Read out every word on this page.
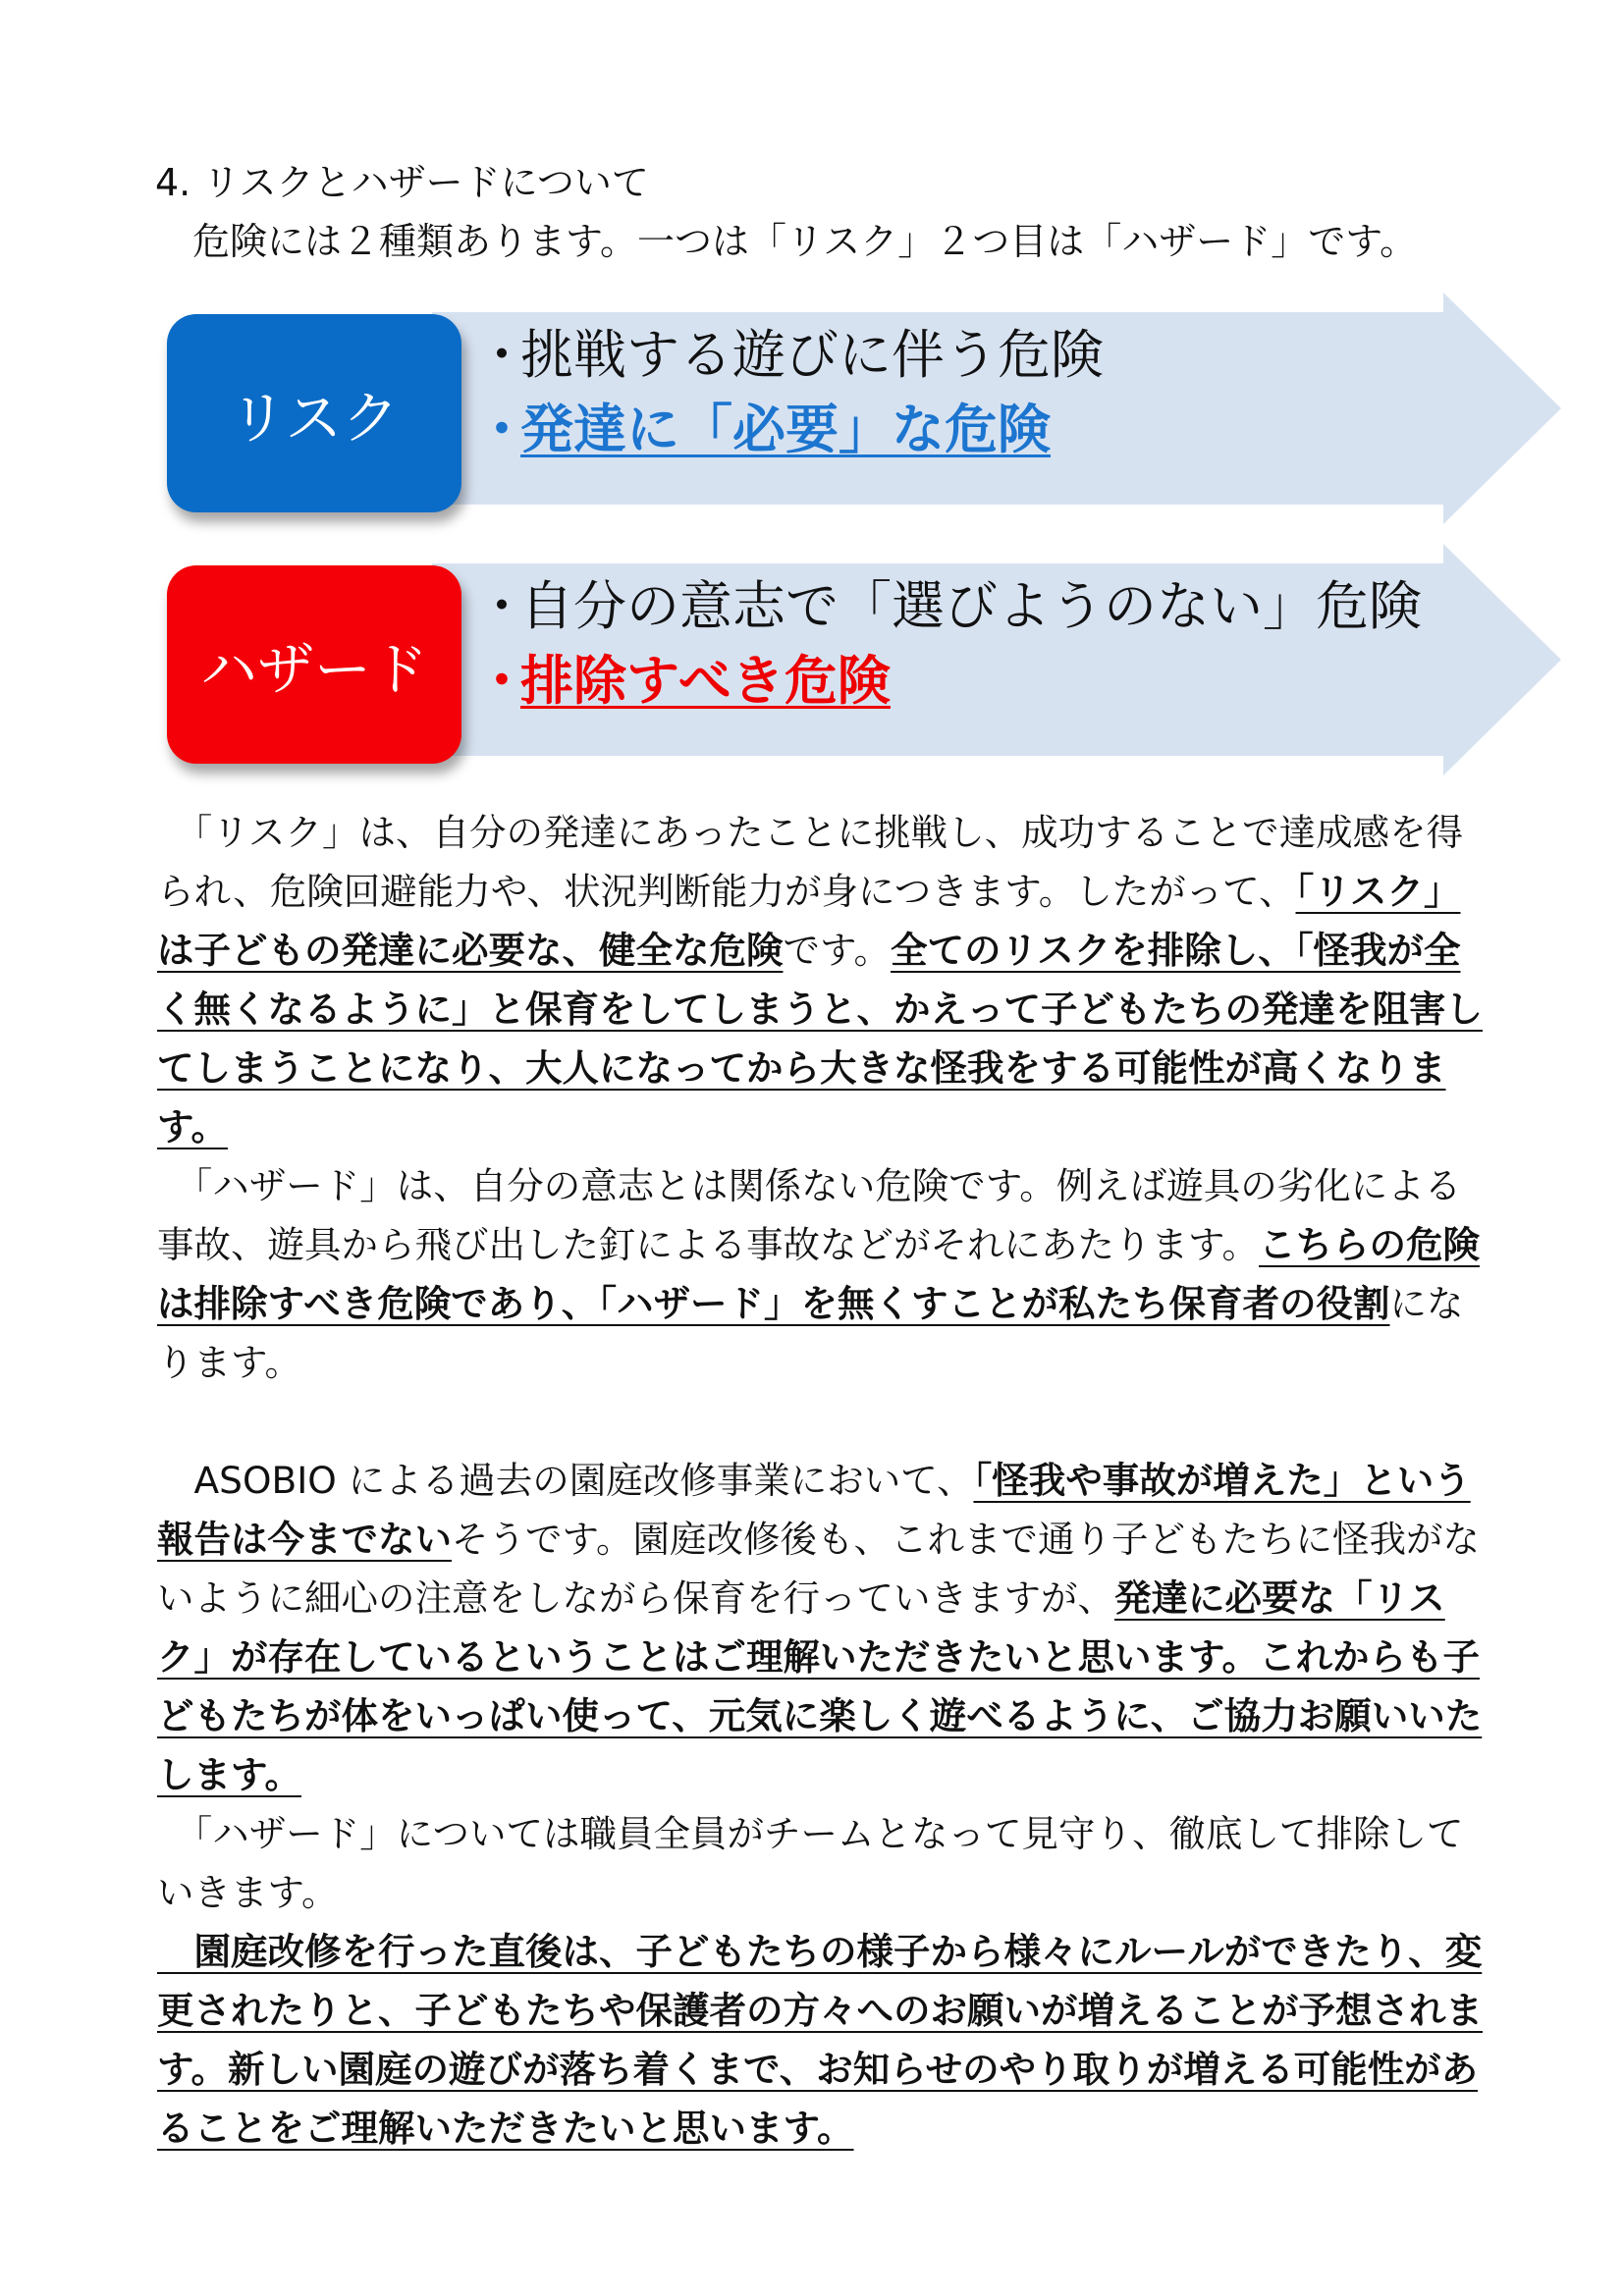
4. リスクとハザードについて
危険には２種類あります。一つは「リスク」２つ目は「ハザード」です。
リスク
・挑戦する遊びに伴う危険
・発達に「必要」な危険
ハザード
・自分の意志で「選びようのない」危険
・排除すべき危険

　「リスク」は、自分の発達にあったことに挑戦し、成功することで達成感を得られ、危険回避能力や、状況判断能力が身につきます。したがって、「リスク」は子どもの発達に必要な、健全な危険です。全てのリスクを排除し、「怪我が全く無くなるように」と保育をしてしまうと、かえって子どもたちの発達を阻害してしまうことになり、大人になってから大きな怪我をする可能性が高くなります。

　「ハザード」は、自分の意志とは関係ない危険です。例えば遊具の劣化による事故、遊具から飛び出した釘による事故などがそれにあたります。こちらの危険は排除すべき危険であり、「ハザード」を無くすことが私たち保育者の役割になります。

　ASOBIO による過去の園庭改修事業において、「怪我や事故が増えた」という報告は今までないそうです。園庭改修後も、これまで通り子どもたちに怪我がないように細心の注意をしながら保育を行っていきますが、発達に必要な「リスク」が存在しているということはご理解いただきたいと思います。これからも子どもたちが体をいっぱい使って、元気に楽しく遊べるように、ご協力お願いいたします。

　「ハザード」については職員全員がチームとなって見守り、徹底して排除していきます。

　園庭改修を行った直後は、子どもたちの様子から様々にルールができたり、変更されたりと、子どもたちや保護者の方々へのお願いが増えることが予想されます。新しい園庭の遊びが落ち着くまで、お知らせのやり取りが増える可能性があることをご理解いただきたいと思います。
